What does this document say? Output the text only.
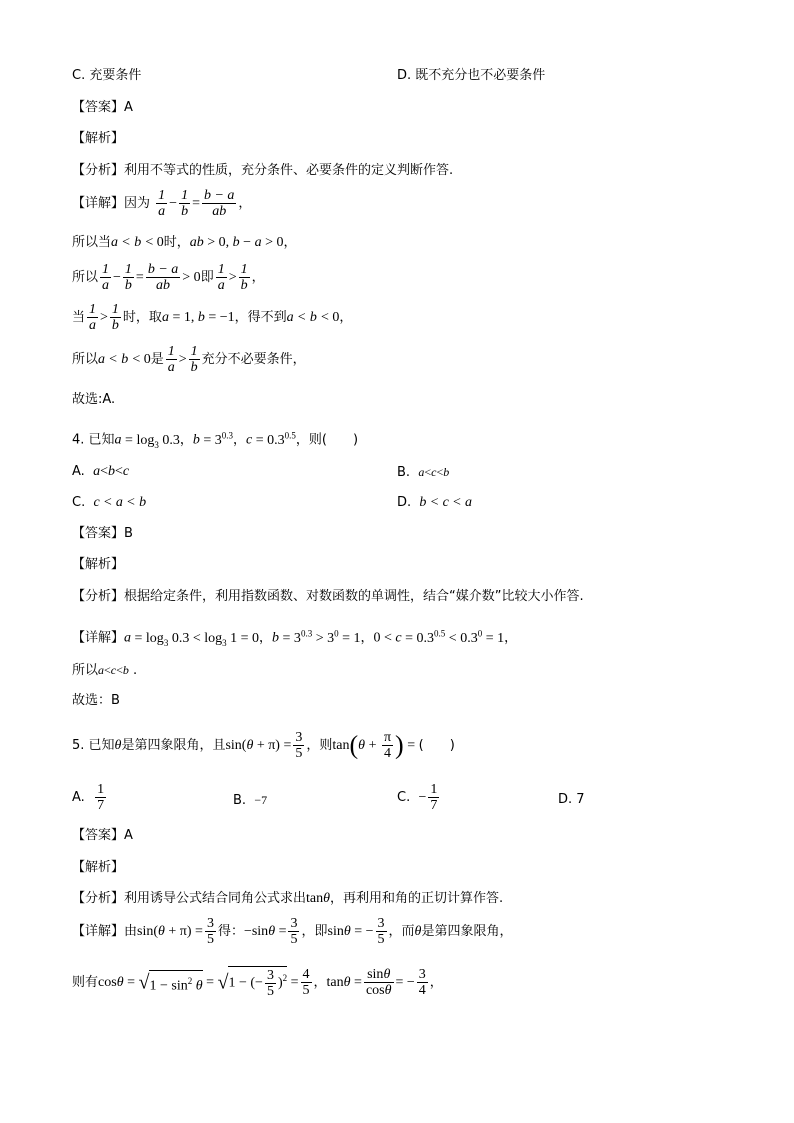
C. 充要条件	D. 既不充分也不必要条件
【答案】A
【解析】
【分析】利用不等式的性质，充分条件、必要条件的定义判断作答.
【详解】因为 $\frac{1}{a} - \frac{1}{b} = \frac{b - a}{ab}$ ，
所以当a < b < 0时，ab > 0, b − a > 0，
所以 $\frac{1}{a} - \frac{1}{b} = \frac{b - a}{ab} > 0$即 $\frac{1}{a} > \frac{1}{b}$ ，
当 $\frac{1}{a} > \frac{1}{b}$ 时，取a = 1, b = −1，得不到a < b < 0，
所以a < b < 0是 $\frac{1}{a} > \frac{1}{b}$ 充分不必要条件，
故选:A.
4. 已知$a = \log_3 0.3$，$b = 3^{0.3}$，$c = 0.3^{0.5}$，则(　　)
A. a<b<c	B. a<c<b
C. c < a < b	D. b < c < a
【答案】B
【解析】
【分析】根据给定条件，利用指数函数、对数函数的单调性，结合“媒介数”比较大小作答.
【详解】$a = \log_3 0.3 < \log_3 1 = 0$，$b = 3^{0.3} > 3^0 = 1$，$0 < c = 0.3^{0.5} < 0.3^0 = 1$，
所以a<c<b .
故选：B
5. 已知θ是第四象限角，且$\sin(\theta + \pi) = \frac{3}{5}$ ，则$\tan(\theta + \frac{\pi}{4}$ ) = (　　)
A. $\frac{1}{7}$	B. −7	C. − $\frac{1}{7}$	D. 7
【答案】A
【解析】
【分析】利用诱导公式结合同角公式求出tanθ，再利用和角的正切计算作答.
【详解】由$\sin(\theta + \pi) = \frac{3}{5}$ 得：$-\sin\theta = \frac{3}{5}$ ，即sinθ = − $\frac{3}{5}$ ，而θ是第四象限角，
则有$\cos\theta = √1 - \sin^2 \theta = √1$ − (− $\frac{3}{5} )^2 = \frac{4}{5}$ ，$\tan\theta = \frac{\sin\theta}{\cos\theta}$ = − $\frac{3}{4}$ ，
